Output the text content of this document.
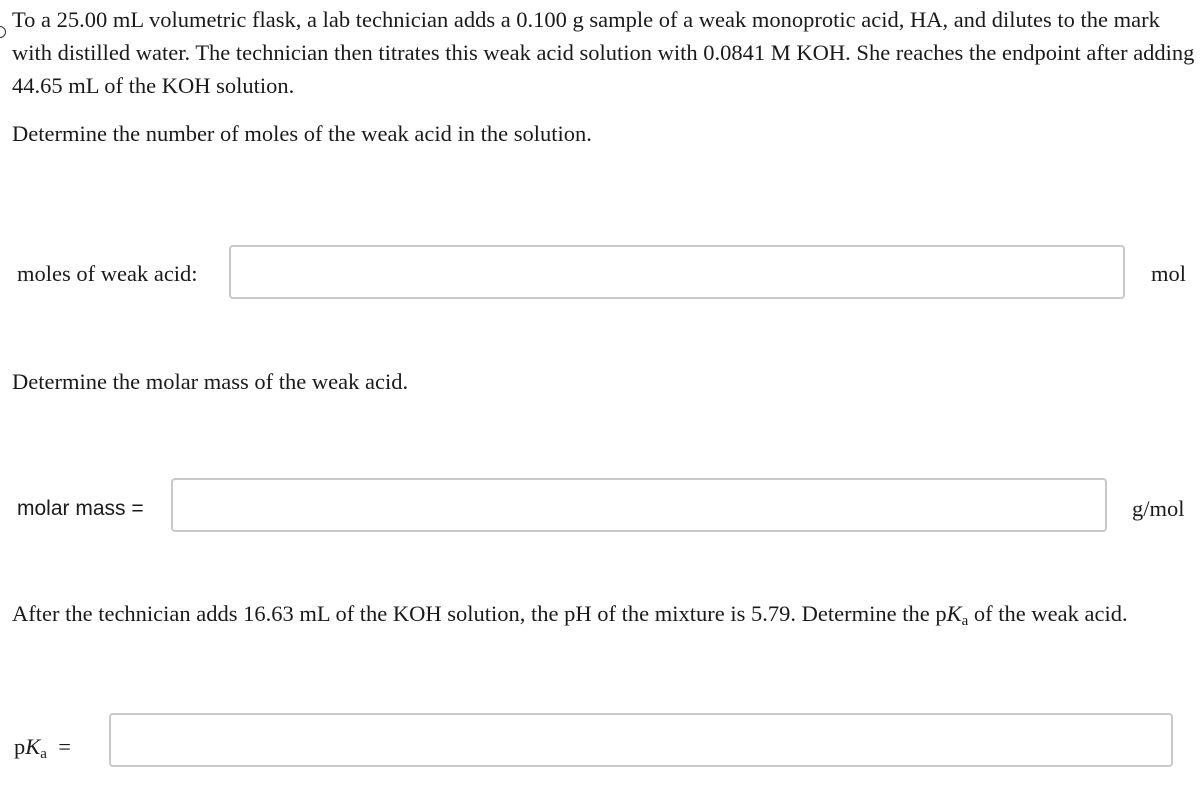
To a 25.00 mL volumetric flask, a lab technician adds a 0.100 g sample of a weak monoprotic acid, HA, and dilutes to the mark with distilled water. The technician then titrates this weak acid solution with 0.0841 M KOH. She reaches the endpoint after adding 44.65 mL of the KOH solution.

Determine the number of moles of the weak acid in the solution.

moles of weak acid:	mol

Determine the molar mass of the weak acid.

molar mass =	g/mol

After the technician adds 16.63 mL of the KOH solution, the pH of the mixture is 5.79. Determine the $pK_a$ of the weak acid.

$pK_a$ =
